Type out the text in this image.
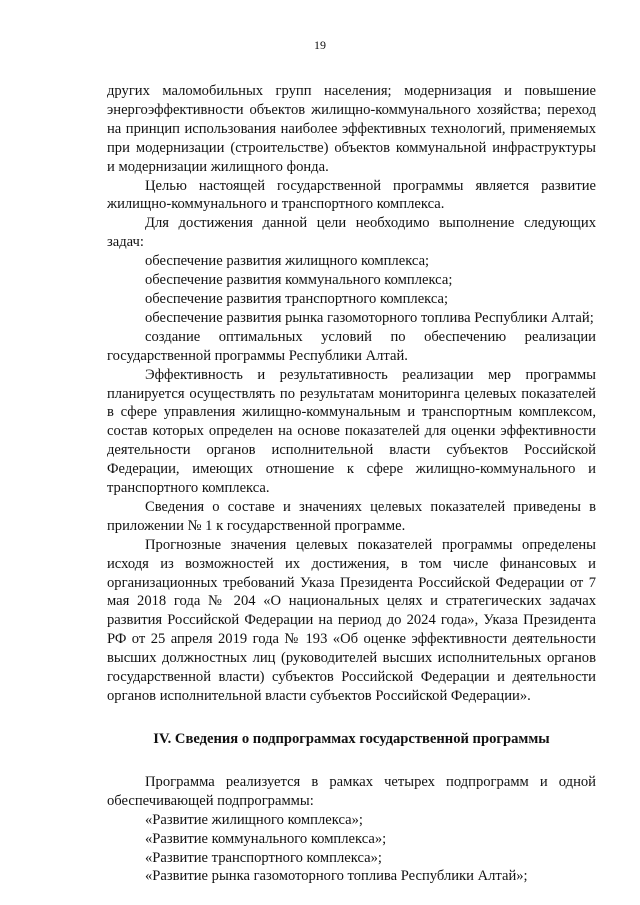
19

других маломобильных групп населения; модернизация и повышение энергоэффективности объектов жилищно-коммунального хозяйства; переход на принцип использования наиболее эффективных технологий, применяемых при модернизации (строительстве) объектов коммунальной инфраструктуры и модернизации жилищного фонда.

Целью настоящей государственной программы является развитие жилищно-коммунального и транспортного комплекса.

Для достижения данной цели необходимо выполнение следующих задач:

обеспечение развития жилищного комплекса;

обеспечение развития коммунального комплекса;

обеспечение развития транспортного комплекса;

обеспечение развития рынка газомоторного топлива Республики Алтай;

создание оптимальных условий по обеспечению реализации государственной программы Республики Алтай.

Эффективность и результативность реализации мер программы планируется осуществлять по результатам мониторинга целевых показателей в сфере управления жилищно-коммунальным и транспортным комплексом, состав которых определен на основе показателей для оценки эффективности деятельности органов исполнительной власти субъектов Российской Федерации, имеющих отношение к сфере жилищно-коммунального и транспортного комплекса.

Сведения о составе и значениях целевых показателей приведены в приложении № 1 к государственной программе.

Прогнозные значения целевых показателей программы определены исходя из возможностей их достижения, в том числе финансовых и организационных требований Указа Президента Российской Федерации от 7 мая 2018 года № 204 «О национальных целях и стратегических задачах развития Российской Федерации на период до 2024 года», Указа Президента РФ от 25 апреля 2019 года № 193 «Об оценке эффективности деятельности высших должностных лиц (руководителей высших исполнительных органов государственной власти) субъектов Российской Федерации и деятельности органов исполнительной власти субъектов Российской Федерации».

IV. Сведения о подпрограммах государственной программы

Программа реализуется в рамках четырех подпрограмм и одной обеспечивающей подпрограммы:

«Развитие жилищного комплекса»;

«Развитие коммунального комплекса»;

«Развитие транспортного комплекса»;

«Развитие рынка газомоторного топлива Республики Алтай»;
